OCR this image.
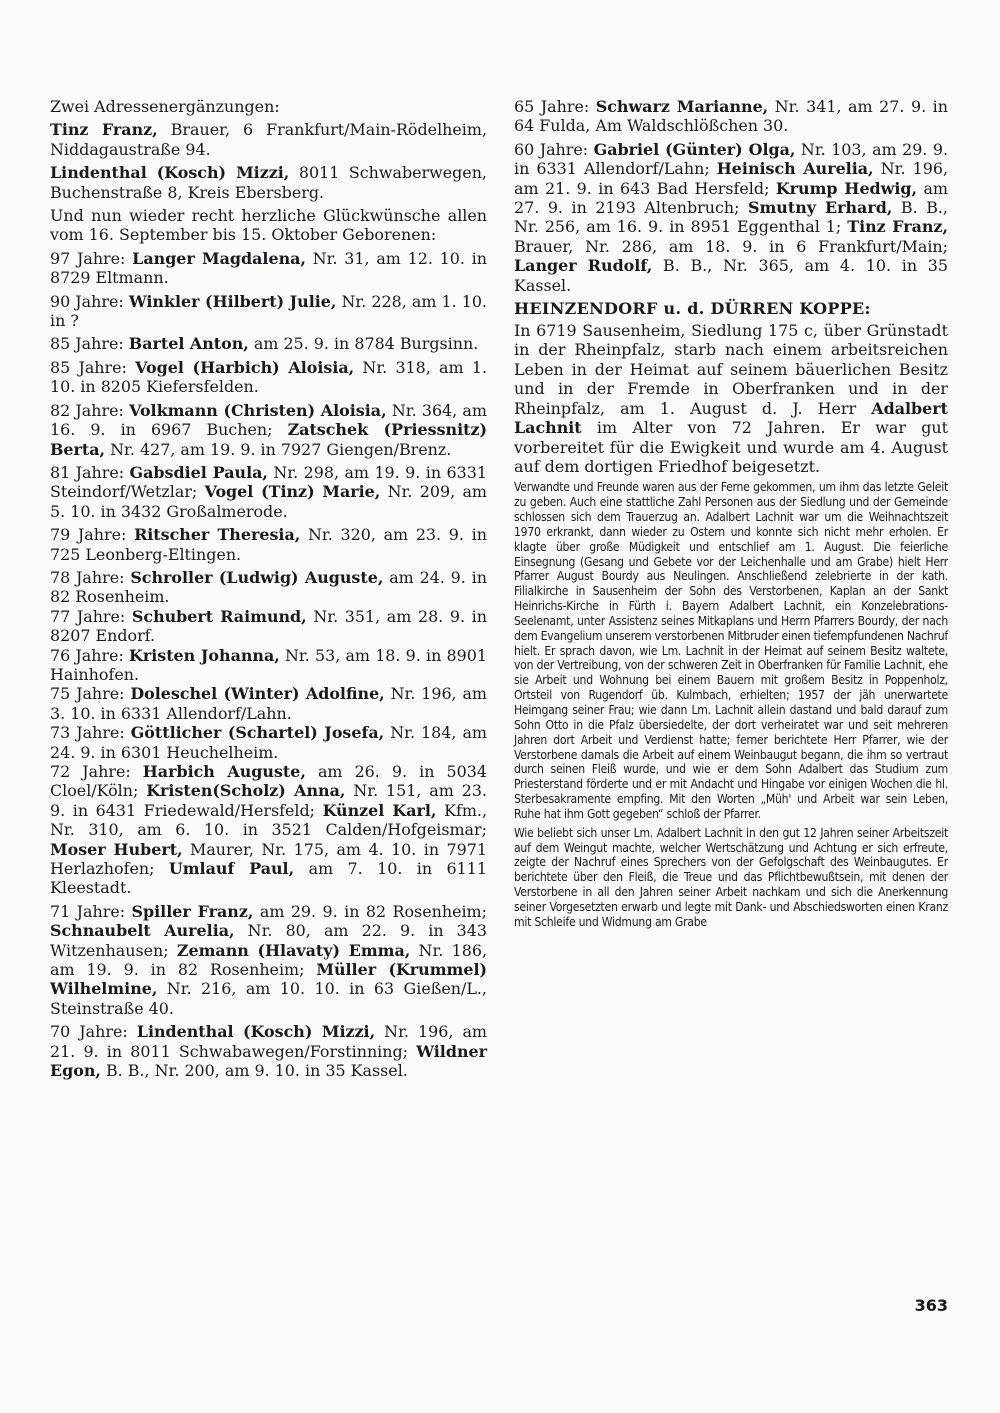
Zwei Adressenergänzungen:

Tinz Franz, Brauer, 6 Frankfurt/Main-Rödelheim, Niddagaustraße 94.

Lindenthal (Kosch) Mizzi, 8011 Schwaberwegen, Buchenstraße 8, Kreis Ebersberg.

Und nun wieder recht herzliche Glückwünsche allen vom 16. September bis 15. Oktober Geborenen:

97 Jahre: Langer Magdalena, Nr. 31, am 12. 10. in 8729 Eltmann.

90 Jahre: Winkler (Hilbert) Julie, Nr. 228, am 1. 10. in ?

85 Jahre: Bartel Anton, am 25. 9. in 8784 Burgsinn.

85 Jahre: Vogel (Harbich) Aloisia, Nr. 318, am 1. 10. in 8205 Kiefersfelden.

82 Jahre: Volkmann (Christen) Aloisia, Nr. 364, am 16. 9. in 6967 Buchen; Zatschek (Priessnitz) Berta, Nr. 427, am 19. 9. in 7927 Giengen/Brenz.

81 Jahre: Gabsdiel Paula, Nr. 298, am 19. 9. in 6331 Steindorf/Wetzlar; Vogel (Tinz) Marie, Nr. 209, am 5. 10. in 3432 Großalmerode.

79 Jahre: Ritscher Theresia, Nr. 320, am 23. 9. in 725 Leonberg-Eltingen.

78 Jahre: Schroller (Ludwig) Auguste, am 24. 9. in 82 Rosenheim.

77 Jahre: Schubert Raimund, Nr. 351, am 28. 9. in 8207 Endorf.

76 Jahre: Kristen Johanna, Nr. 53, am 18. 9. in 8901 Hainhofen.

75 Jahre: Doleschel (Winter) Adolfine, Nr. 196, am 3. 10. in 6331 Allendorf/Lahn.

73 Jahre: Göttlicher (Schartel) Josefa, Nr. 184, am 24. 9. in 6301 Heuchelheim.

72 Jahre: Harbich Auguste, am 26. 9. in 5034 Cloel/Köln; Kristen(Scholz) Anna, Nr. 151, am 23. 9. in 6431 Friedewald/Hersfeld; Künzel Karl, Kfm., Nr. 310, am 6. 10. in 3521 Calden/Hofgeismar; Moser Hubert, Maurer, Nr. 175, am 4. 10. in 7971 Herlazhofen; Umlauf Paul, am 7. 10. in 6111 Kleestadt.

71 Jahre: Spiller Franz, am 29. 9. in 82 Rosenheim; Schnaubelt Aurelia, Nr. 80, am 22. 9. in 343 Witzenhausen; Zemann (Hlavaty) Emma, Nr. 186, am 19. 9. in 82 Rosenheim; Müller (Krummel) Wilhelmine, Nr. 216, am 10. 10. in 63 Gießen/L., Steinstraße 40.

70 Jahre: Lindenthal (Kosch) Mizzi, Nr. 196, am 21. 9. in 8011 Schwabawegen/Forstinning; Wildner Egon, B. B., Nr. 200, am 9. 10. in 35 Kassel.

65 Jahre: Schwarz Marianne, Nr. 341, am 27. 9. in 64 Fulda, Am Waldschlößchen 30.

60 Jahre: Gabriel (Günter) Olga, Nr. 103, am 29. 9. in 6331 Allendorf/Lahn; Heinisch Aurelia, Nr. 196, am 21. 9. in 643 Bad Hersfeld; Krump Hedwig, am 27. 9. in 2193 Altenbruch; Smutny Erhard, B. B., Nr. 256, am 16. 9. in 8951 Eggenthal 1; Tinz Franz, Brauer, Nr. 286, am 18. 9. in 6 Frankfurt/Main; Langer Rudolf, B. B., Nr. 365, am 4. 10. in 35 Kassel.

HEINZENDORF u. d. DÜRREN KOPPE:

In 6719 Sausenheim, Siedlung 175 c, über Grünstadt in der Rheinpfalz, starb nach einem arbeitsreichen Leben in der Heimat auf seinem bäuerlichen Besitz und in der Fremde in Oberfranken und in der Rheinpfalz, am 1. August d. J. Herr Adalbert Lachnit im Alter von 72 Jahren. Er war gut vorbereitet für die Ewigkeit und wurde am 4. August auf dem dortigen Friedhof beigesetzt.

Verwandte und Freunde waren aus der Ferne gekommen, um ihm das letzte Geleit zu geben. Auch eine stattliche Zahl Personen aus der Siedlung und der Gemeinde schlossen sich dem Trauerzug an. Adalbert Lachnit war um die Weihnachtszeit 1970 erkrankt, dann wieder zu Ostern und konnte sich nicht mehr erholen. Er klagte über große Müdigkeit und entschlief am 1. August. Die feierliche Einsegnung (Gesang und Gebete vor der Leichenhalle und am Grabe) hielt Herr Pfarrer August Bourdy aus Neulingen. Anschließend zelebrierte in der kath. Filialkirche in Sausenheim der Sohn des Verstorbenen, Kaplan an der Sankt Heinrichs-Kirche in Fürth i. Bayern Adalbert Lachnit, ein Konzelebrations-Seelenamt, unter Assistenz seines Mitkaplans und Herrn Pfarrers Bourdy, der nach dem Evangelium unserem verstorbenen Mitbruder einen tiefempfundenen Nachruf hielt. Er sprach davon, wie Lm. Lachnit in der Heimat auf seinem Besitz waltete, von der Vertreibung, von der schweren Zeit in Oberfranken für Familie Lachnit, ehe sie Arbeit und Wohnung bei einem Bauern mit großem Besitz in Poppenholz, Ortsteil von Rugendorf üb. Kulmbach, erhielten; 1957 der jäh unerwartete Heimgang seiner Frau; wie dann Lm. Lachnit allein dastand und bald darauf zum Sohn Otto in die Pfalz übersiedelte, der dort verheiratet war und seit mehreren Jahren dort Arbeit und Verdienst hatte; ferner berichtete Herr Pfarrer, wie der Verstorbene damals die Arbeit auf einem Weinbaugut begann, die ihm so vertraut durch seinen Fleiß wurde, und wie er dem Sohn Adalbert das Studium zum Priesterstand förderte und er mit Andacht und Hingabe vor einigen Wochen die hl. Sterbesakramente empfing. Mit den Worten „Müh' und Arbeit war sein Leben, Ruhe hat ihm Gott gegeben“ schloß der Pfarrer.

Wie beliebt sich unser Lm. Adalbert Lachnit in den gut 12 Jahren seiner Arbeitszeit auf dem Weingut machte, welcher Wertschätzung und Achtung er sich erfreute, zeigte der Nachruf eines Sprechers von der Gefolgschaft des Weinbaugutes. Er berichtete über den Fleiß, die Treue und das Pflichtbewußtsein, mit denen der Verstorbene in all den Jahren seiner Arbeit nachkam und sich die Anerkennung seiner Vorgesetzten erwarb und legte mit Dank- und Abschiedsworten einen Kranz mit Schleife und Widmung am Grabe

363
